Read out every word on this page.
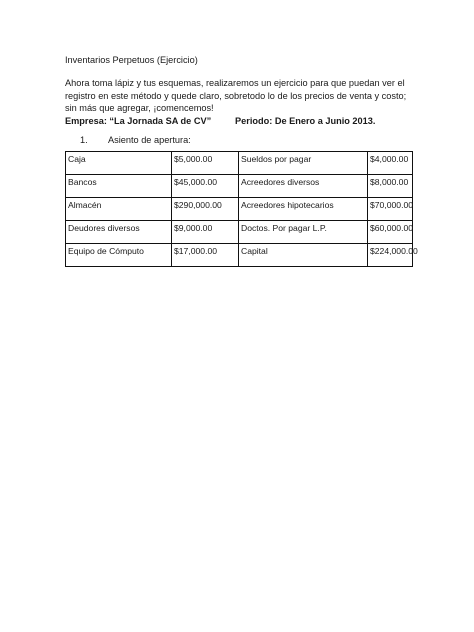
Inventarios Perpetuos (Ejercicio)
Ahora toma lápiz y tus esquemas, realizaremos un ejercicio para que puedan ver el registro en este método y quede claro, sobretodo lo de los precios de venta y costo; sin más que agregar, ¡comencemos!
Empresa: “La Jornada SA de CV”	Periodo: De Enero a Junio 2013.
1.	Asiento de apertura:
Caja	$5,000.00	Sueldos por pagar	$4,000.00
Bancos	$45,000.00	Acreedores diversos	$8,000.00
Almacén	$290,000.00	Acreedores hipotecarios	$70,000.00
Deudores diversos	$9,000.00	Doctos. Por pagar L.P.	$60,000.00
Equipo de Cómputo	$17,000.00	Capital	$224,000.00
